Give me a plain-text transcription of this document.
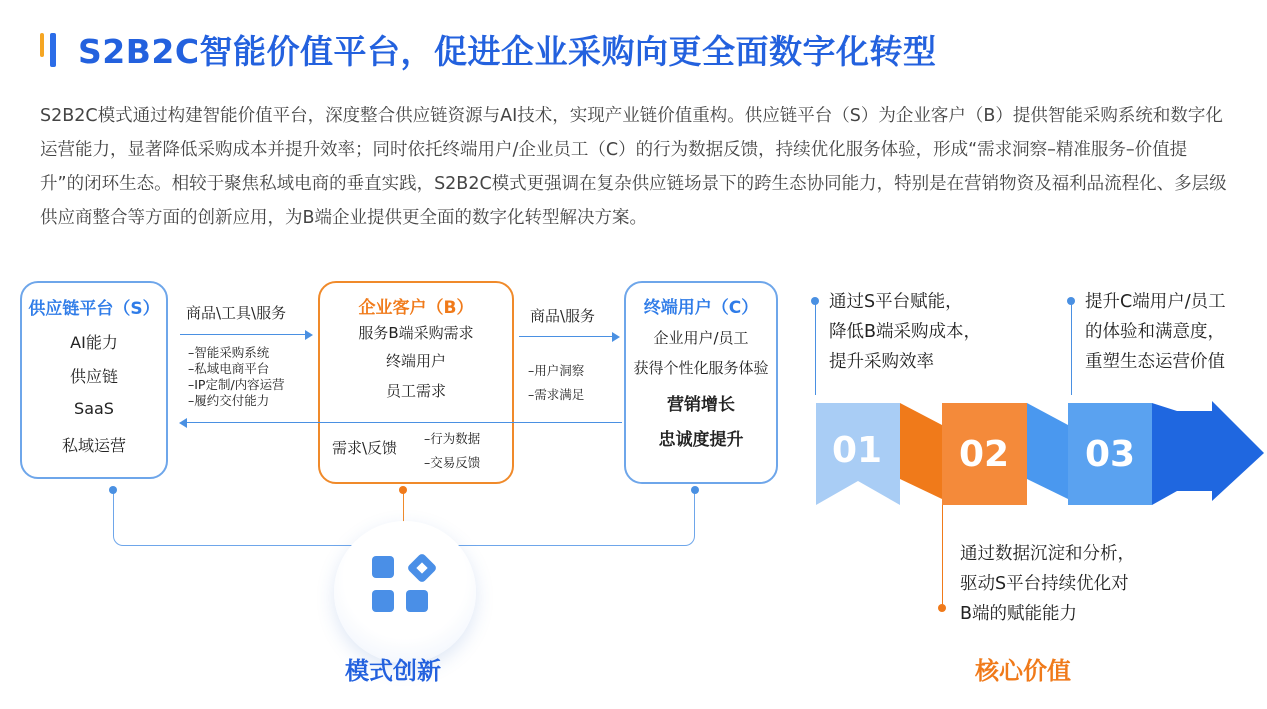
S2B2C智能价值平台，促进企业采购向更全面数字化转型
S2B2C模式通过构建智能价值平台，深度整合供应链资源与AI技术，实现产业链价值重构。供应链平台（S）为企业客户（B）提供智能采购系统和数字化运营能力，显著降低采购成本并提升效率；同时依托终端用户/企业员工（C）的行为数据反馈，持续优化服务体验，形成“需求洞察–精准服务–价值提升”的闭环生态。相较于聚焦私域电商的垂直实践，S2B2C模式更强调在复杂供应链场景下的跨生态协同能力，特别是在营销物资及福利品流程化、多层级供应商整合等方面的创新应用，为B端企业提供更全面的数字化转型解决方案。
供应链平台（S）
AI能力
供应链
SaaS
私域运营
商品\工具\服务
–智能采购系统
–私域电商平台
–IP定制/内容运营
–履约交付能力
企业客户（B）
服务B端采购需求
终端用户
员工需求
需求\反馈
–行为数据
–交易反馈
商品\服务
–用户洞察
–需求满足
终端用户（C）
企业用户/员工
获得个性化服务体验
营销增长
忠诚度提升
模式创新
01 02 03
通过S平台赋能，
降低B端采购成本，
提升采购效率
提升C端用户/员工
的体验和满意度，
重塑生态运营价值
通过数据沉淀和分析，
驱动S平台持续优化对
B端的赋能能力
核心价值
